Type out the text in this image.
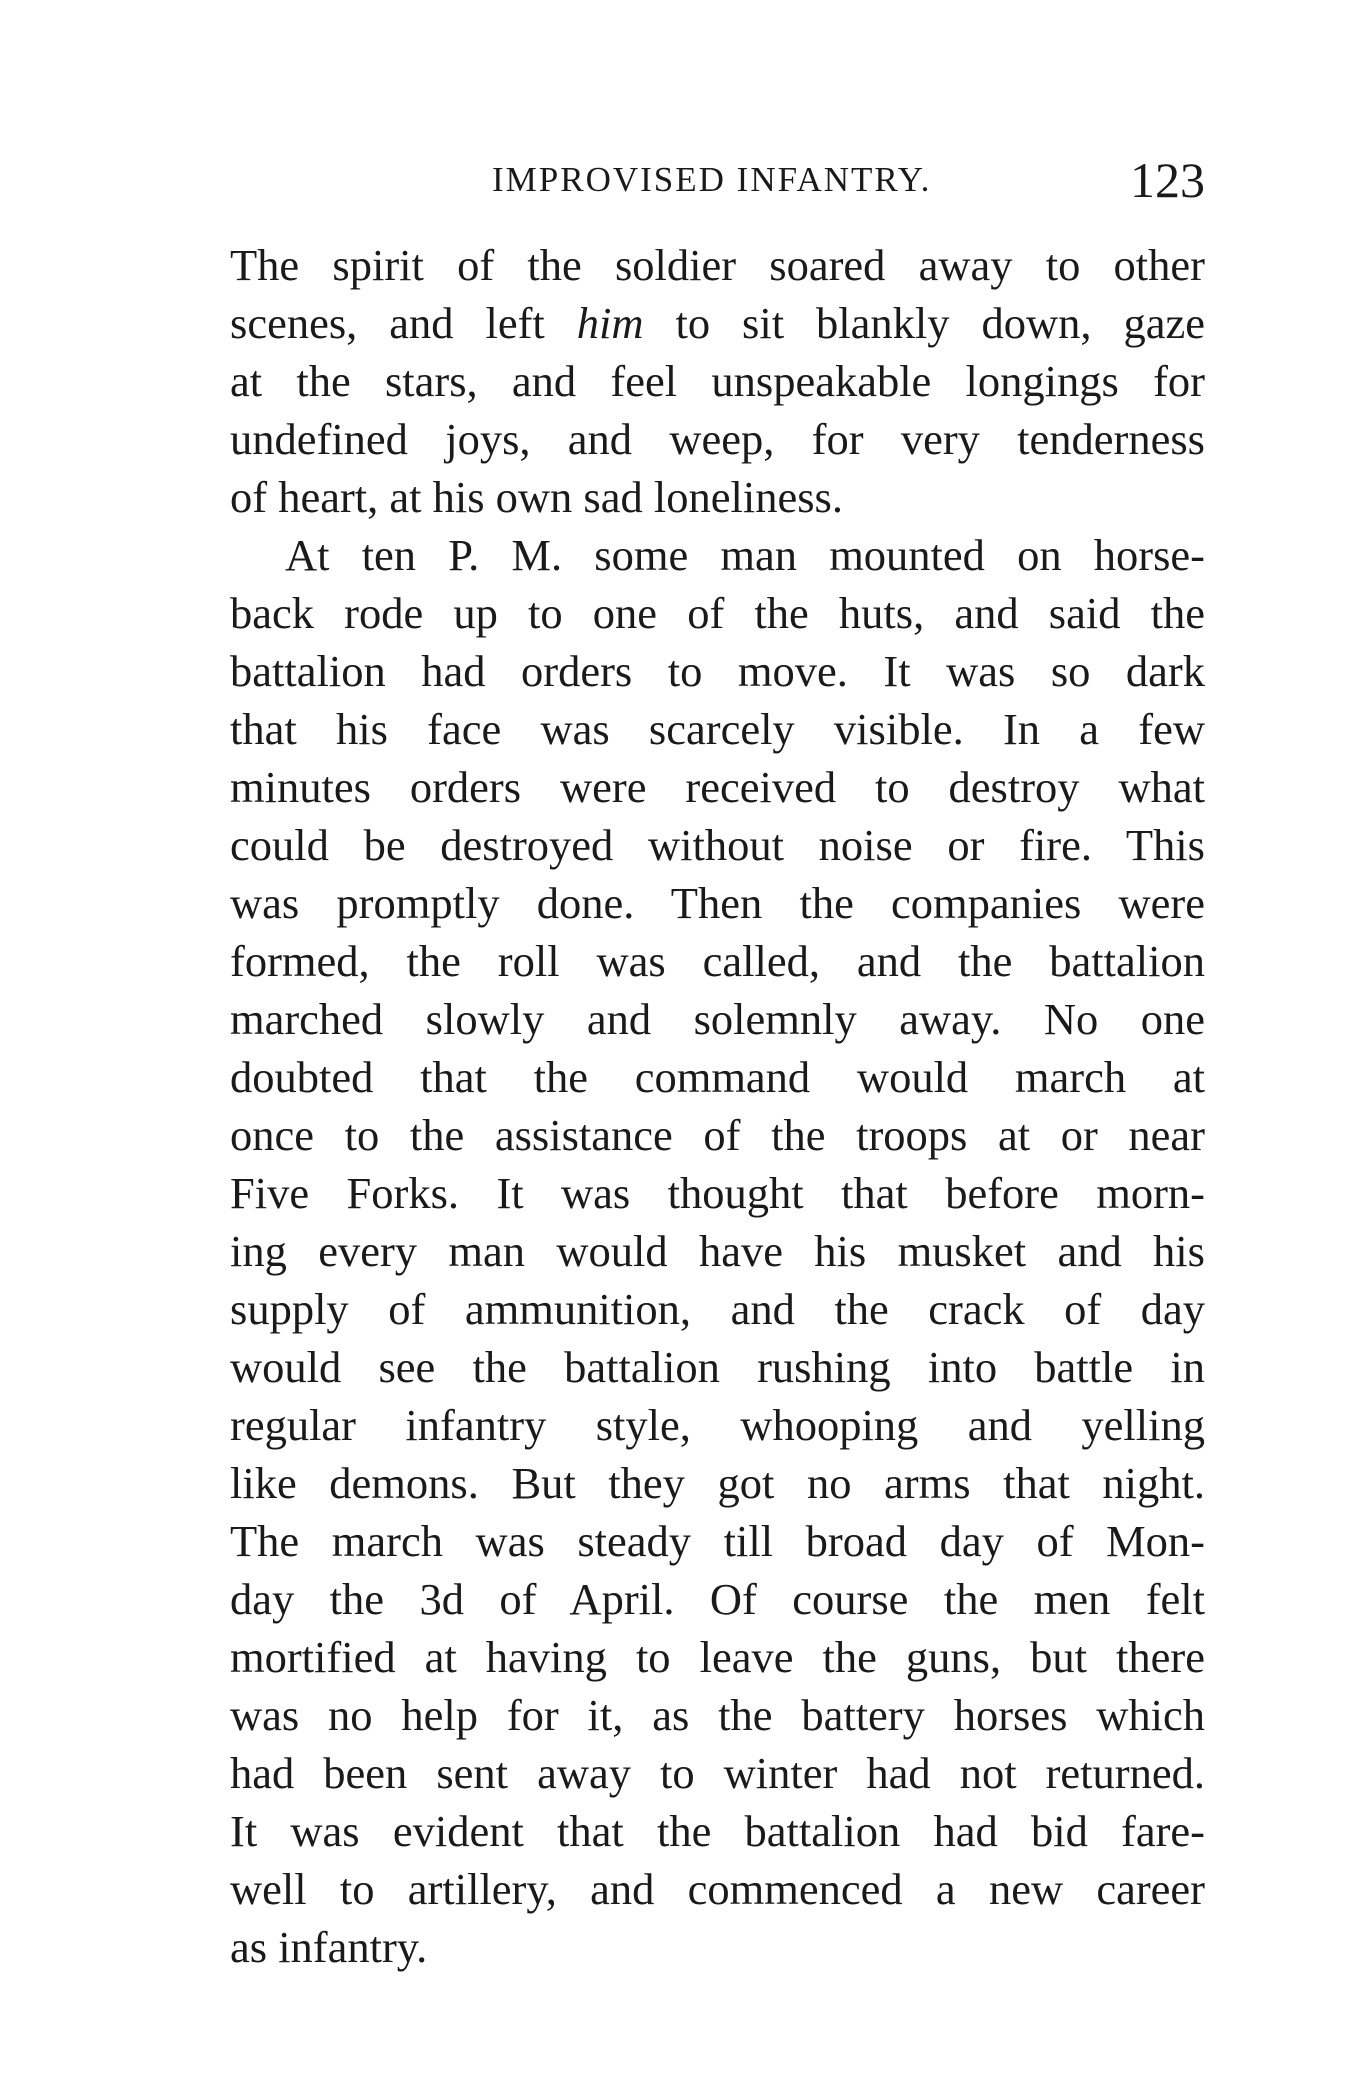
IMPROVISED INFANTRY.	123
The spirit of the soldier soared away to other
scenes, and left him to sit blankly down, gaze
at the stars, and feel unspeakable longings for
undefined joys, and weep, for very tenderness
of heart, at his own sad loneliness.
At ten P. M. some man mounted on horse-
back rode up to one of the huts, and said the
battalion had orders to move. It was so dark
that his face was scarcely visible. In a few
minutes orders were received to destroy what
could be destroyed without noise or fire. This
was promptly done. Then the companies were
formed, the roll was called, and the battalion
marched slowly and solemnly away. No one
doubted that the command would march at
once to the assistance of the troops at or near
Five Forks. It was thought that before morn-
ing every man would have his musket and his
supply of ammunition, and the crack of day
would see the battalion rushing into battle in
regular infantry style, whooping and yelling
like demons. But they got no arms that night.
The march was steady till broad day of Mon-
day the 3d of April. Of course the men felt
mortified at having to leave the guns, but there
was no help for it, as the battery horses which
had been sent away to winter had not returned.
It was evident that the battalion had bid fare-
well to artillery, and commenced a new career
as infantry.
